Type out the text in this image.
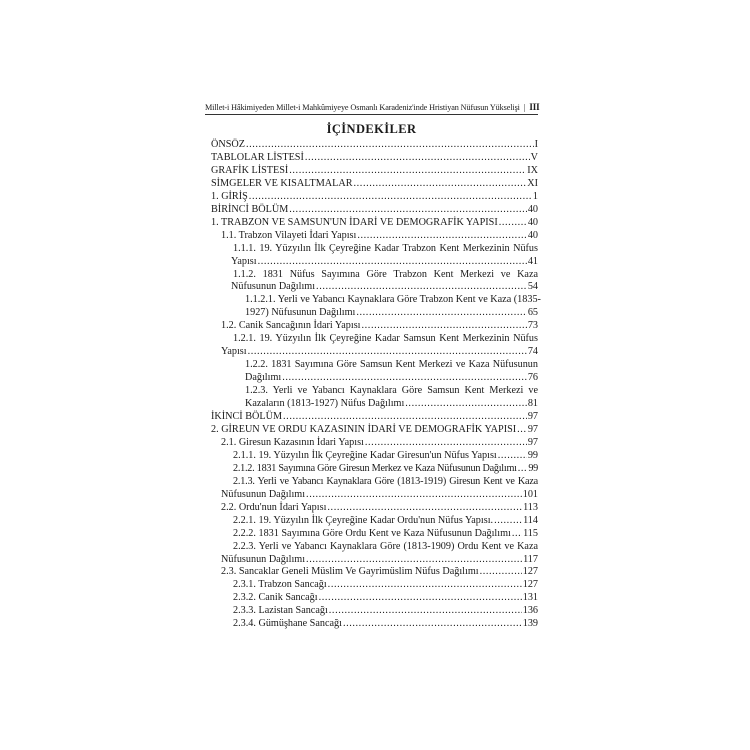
Millet-i Hâkimiyeden Millet-i Mahkûmiyeye Osmanlı Karadeniz'inde Hristiyan Nüfusun Yükselişi | III
İÇİNDEKİLER
ÖNSÖZ .....	I
TABLOLAR LİSTESİ .....	V
GRAFİK LİSTESİ .....	IX
SİMGELER VE KISALTMALAR .....	XI
1. GİRİŞ .....	1
BİRİNCİ BÖLÜM .....	40
1. TRABZON VE SAMSUN'UN İDARİ VE DEMOGRAFİK YAPISI .....	40
1.1. Trabzon Vilayeti İdari Yapısı .....	40
1.1.1. 19. Yüzyılın İlk Çeyreğine Kadar Trabzon Kent Merkezinin Nüfus
Yapısı .....	41
1.1.2. 1831 Nüfus Sayımına Göre Trabzon Kent Merkezi ve Kaza
Nüfusunun Dağılımı .....	54
1.1.2.1. Yerli ve Yabancı Kaynaklara Göre Trabzon Kent ve Kaza (1835-
1927) Nüfusunun Dağılımı .....	65
1.2. Canik Sancağının İdari Yapısı .....	73
1.2.1. 19. Yüzyılın İlk Çeyreğine Kadar Samsun Kent Merkezinin Nüfus
Yapısı .....	74
1.2.2. 1831 Sayımına Göre Samsun Kent Merkezi ve Kaza Nüfusunun
Dağılımı .....	76
1.2.3. Yerli ve Yabancı Kaynaklara Göre Samsun Kent Merkezi ve
Kazaların (1813-1927) Nüfus Dağılımı .....	81
İKİNCİ BÖLÜM .....	97
2. GİREUN VE ORDU KAZASININ İDARİ VE DEMOGRAFİK YAPISI ..... 97
2.1. Giresun Kazasının İdari Yapısı .....	97
2.1.1. 19. Yüzyılın İlk Çeyreğine Kadar Giresun'un Nüfus Yapısı .....	99
2.1.2. 1831 Sayımına Göre Giresun Merkez ve Kaza Nüfusunun Dağılımı ..... 99
2.1.3. Yerli ve Yabancı Kaynaklara Göre (1813-1919) Giresun Kent ve Kaza
Nüfusunun Dağılımı .....	101
2.2. Ordu'nun İdari Yapısı .....	113
2.2.1. 19. Yüzyılın İlk Çeyreğine Kadar Ordu'nun Nüfus Yapısı. .....	114
2.2.2. 1831 Sayımına Göre Ordu Kent ve Kaza Nüfusunun Dağılımı ..... 115
2.2.3. Yerli ve Yabancı Kaynaklara Göre (1813-1909) Ordu Kent ve Kaza
Nüfusunun Dağılımı .....	117
2.3. Sancaklar Geneli Müslim Ve Gayrimüslim Nüfus Dağılımı .....	127
2.3.1. Trabzon Sancağı .....	127
2.3.2. Canik Sancağı .....	131
2.3.3. Lazistan Sancağı .....	136
2.3.4. Gümüşhane Sancağı .....	139
